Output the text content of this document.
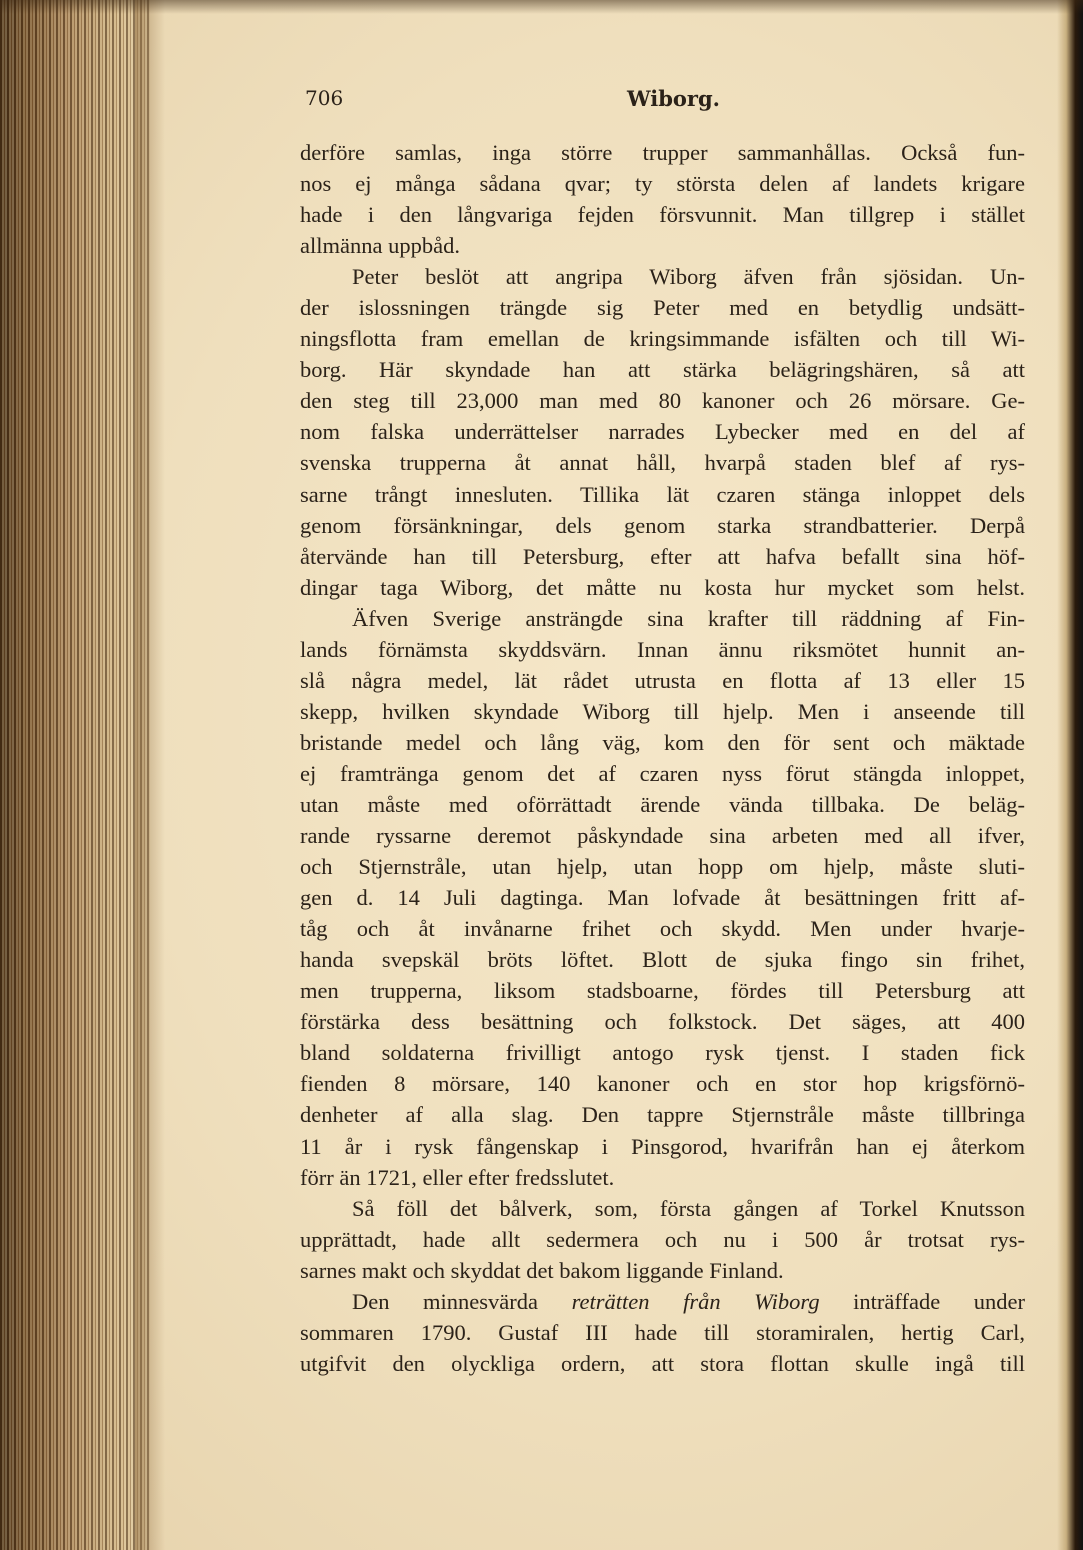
706	Wiborg.
derföre samlas, inga större trupper sammanhållas. Också fun-
nos ej många sådana qvar; ty största delen af landets krigare
hade i den långvariga fejden försvunnit. Man tillgrep i stället
allmänna uppbåd.
Peter beslöt att angripa Wiborg äfven från sjösidan. Un-
der islossningen trängde sig Peter med en betydlig undsätt-
ningsflotta fram emellan de kringsimmande isfälten och till Wi-
borg. Här skyndade han att stärka belägringshären, så att
den steg till 23,000 man med 80 kanoner och 26 mörsare. Ge-
nom falska underrättelser narrades Lybecker med en del af
svenska trupperna åt annat håll, hvarpå staden blef af rys-
sarne trångt innesluten. Tillika lät czaren stänga inloppet dels
genom försänkningar, dels genom starka strandbatterier. Derpå
återvände han till Petersburg, efter att hafva befallt sina höf-
dingar taga Wiborg, det måtte nu kosta hur mycket som helst.
Äfven Sverige ansträngde sina krafter till räddning af Fin-
lands förnämsta skyddsvärn. Innan ännu riksmötet hunnit an-
slå några medel, lät rådet utrusta en flotta af 13 eller 15
skepp, hvilken skyndade Wiborg till hjelp. Men i anseende till
bristande medel och lång väg, kom den för sent och mäktade
ej framtränga genom det af czaren nyss förut stängda inloppet,
utan måste med oförrättadt ärende vända tillbaka. De beläg-
rande ryssarne deremot påskyndade sina arbeten med all ifver,
och Stjernstråle, utan hjelp, utan hopp om hjelp, måste sluti-
gen d. 14 Juli dagtinga. Man lofvade åt besättningen fritt af-
tåg och åt invånarne frihet och skydd. Men under hvarje-
handa svepskäl bröts löftet. Blott de sjuka fingo sin frihet,
men trupperna, liksom stadsboarne, fördes till Petersburg att
förstärka dess besättning och folkstock. Det säges, att 400
bland soldaterna frivilligt antogo rysk tjenst. I staden fick
fienden 8 mörsare, 140 kanoner och en stor hop krigsförnö-
denheter af alla slag. Den tappre Stjernstråle måste tillbringa
11 år i rysk fångenskap i Pinsgorod, hvarifrån han ej återkom
förr än 1721, eller efter fredsslutet.
Så föll det bålverk, som, första gången af Torkel Knutsson
upprättadt, hade allt sedermera och nu i 500 år trotsat rys-
sarnes makt och skyddat det bakom liggande Finland.
Den minnesvärda reträtten från Wiborg inträffade under
sommaren 1790. Gustaf III hade till storamiralen, hertig Carl,
utgifvit den olyckliga ordern, att stora flottan skulle ingå till
